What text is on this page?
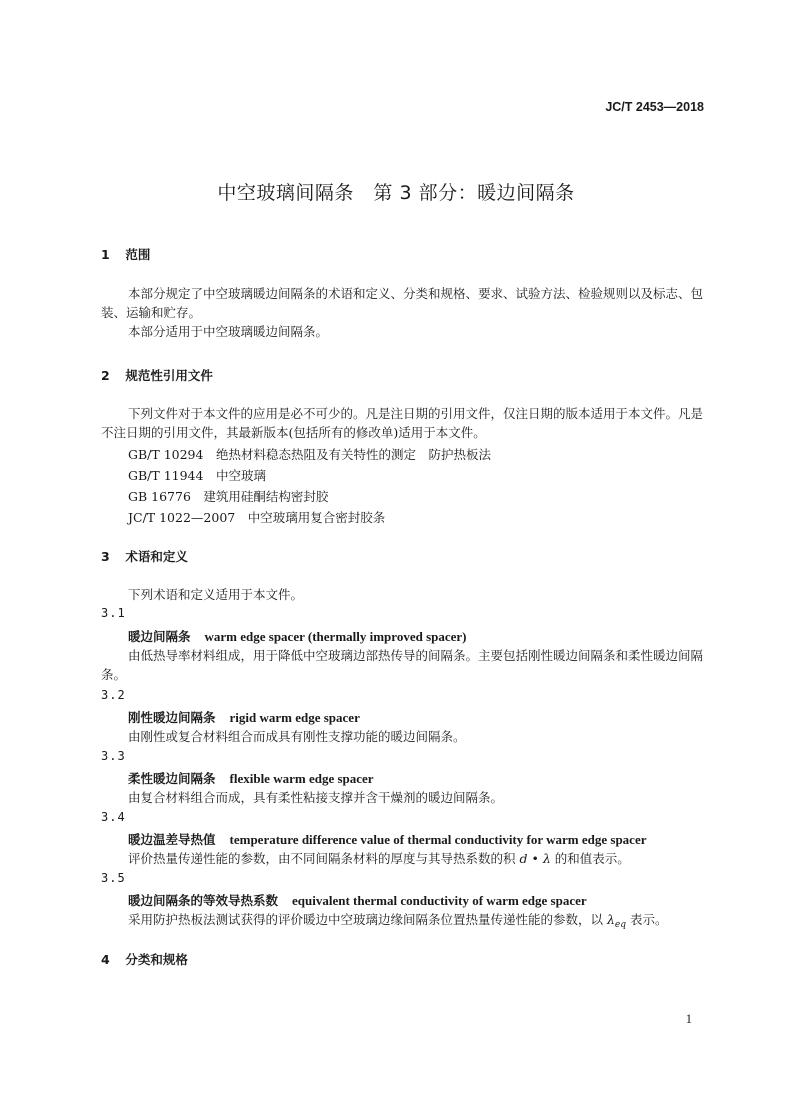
JC/T 2453—2018
中空玻璃间隔条　第 3 部分：暖边间隔条
1 范围
本部分规定了中空玻璃暖边间隔条的术语和定义、分类和规格、要求、试验方法、检验规则以及标志、包装、运输和贮存。
本部分适用于中空玻璃暖边间隔条。
2 规范性引用文件
下列文件对于本文件的应用是必不可少的。凡是注日期的引用文件，仅注日期的版本适用于本文件。凡是不注日期的引用文件，其最新版本(包括所有的修改单)适用于本文件。
GB/T 10294　绝热材料稳态热阻及有关特性的测定　防护热板法
GB/T 11944　中空玻璃
GB 16776　建筑用硅酮结构密封胶
JC/T 1022—2007　中空玻璃用复合密封胶条
3 术语和定义
下列术语和定义适用于本文件。
3.1
暖边间隔条 warm edge spacer (thermally improved spacer)
由低热导率材料组成，用于降低中空玻璃边部热传导的间隔条。主要包括刚性暖边间隔条和柔性暖边间隔条。
3.2
刚性暖边间隔条 rigid warm edge spacer
由刚性或复合材料组合而成具有刚性支撑功能的暖边间隔条。
3.3
柔性暖边间隔条 flexible warm edge spacer
由复合材料组合而成，具有柔性粘接支撑并含干燥剂的暖边间隔条。
3.4
暖边温差导热值 temperature difference value of thermal conductivity for warm edge spacer
评价热量传递性能的参数，由不同间隔条材料的厚度与其导热系数的积 d • λ 的和值表示。
3.5
暖边间隔条的等效导热系数 equivalent thermal conductivity of warm edge spacer
采用防护热板法测试获得的评价暖边中空玻璃边缘间隔条位置热量传递性能的参数，以 $\lambda_{eq}$ 表示。
4 分类和规格
1
